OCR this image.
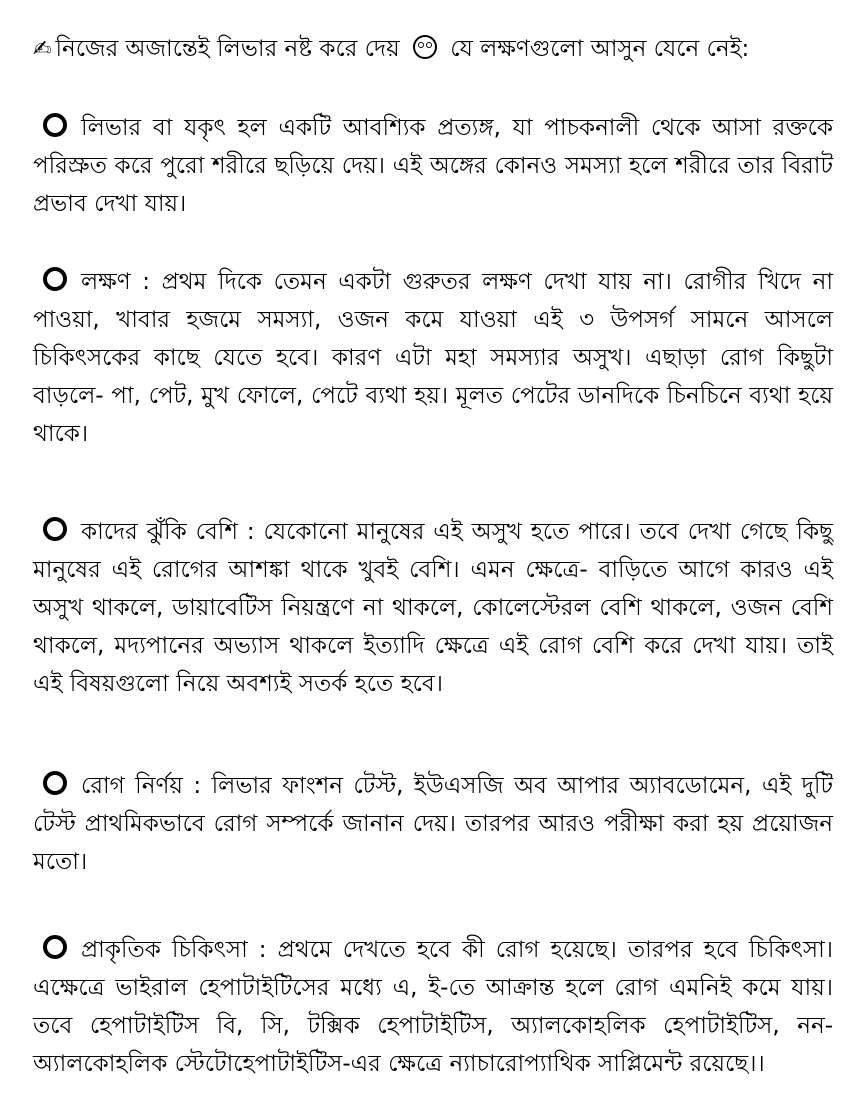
✍ নিজের অজান্তেই লিভার নষ্ট করে দেয় যে লক্ষণগুলো আসুন যেনে নেই:

লিভার বা যকৃৎ হল একটি আবশ্যিক প্রত্যঙ্গ, যা পাচকনালী থেকে আসা রক্তকে পরিস্রুত করে পুরো শরীরে ছড়িয়ে দেয়। এই অঙ্গের কোনও সমস্যা হলে শরীরে তার বিরাট প্রভাব দেখা যায়।

লক্ষণ : প্রথম দিকে তেমন একটা গুরুতর লক্ষণ দেখা যায় না। রোগীর খিদে না পাওয়া, খাবার হজমে সমস্যা, ওজন কমে যাওয়া এই ৩ উপসর্গ সামনে আসলে চিকিৎসকের কাছে যেতে হবে। কারণ এটা মহা সমস্যার অসুখ। এছাড়া রোগ কিছুটা বাড়লে- পা, পেট, মুখ ফোলে, পেটে ব্যথা হয়। মূলত পেটের ডানদিকে চিনচিনে ব্যথা হয়ে থাকে।

কাদের ঝুঁকি বেশি : যেকোনো মানুষের এই অসুখ হতে পারে। তবে দেখা গেছে কিছু মানুষের এই রোগের আশঙ্কা থাকে খুবই বেশি। এমন ক্ষেত্রে- বাড়িতে আগে কারও এই অসুখ থাকলে, ডায়াবেটিস নিয়ন্ত্রণে না থাকলে, কোলেস্টেরল বেশি থাকলে, ওজন বেশি থাকলে, মদ্যপানের অভ্যাস থাকলে ইত্যাদি ক্ষেত্রে এই রোগ বেশি করে দেখা যায়। তাই এই বিষয়গুলো নিয়ে অবশ্যই সতর্ক হতে হবে।

রোগ নির্ণয় : লিভার ফাংশন টেস্ট, ইউএসজি অব আপার অ্যাবডোমেন, এই দুটি টেস্ট প্রাথমিকভাবে রোগ সম্পর্কে জানান দেয়। তারপর আরও পরীক্ষা করা হয় প্রয়োজন মতো।

প্রাকৃতিক চিকিৎসা : প্রথমে দেখতে হবে কী রোগ হয়েছে। তারপর হবে চিকিৎসা। এক্ষেত্রে ভাইরাল হেপাটাইটিসের মধ্যে এ, ই-তে আক্রান্ত হলে রোগ এমনিই কমে যায়। তবে হেপাটাইটিস বি, সি, টক্সিক হেপাটাইটিস, অ্যালকোহলিক হেপাটাইটিস, নন-অ্যালকোহলিক স্টেটোহেপাটাইটিস-এর ক্ষেত্রে ন্যাচারোপ্যাথিক সাপ্লিমেন্ট রয়েছে।।
